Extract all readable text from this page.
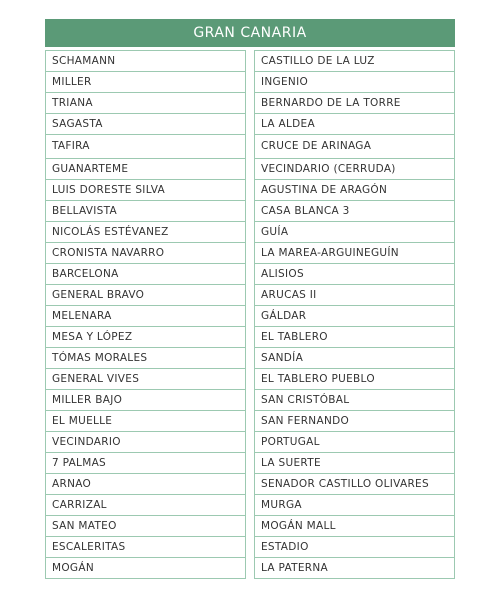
GRAN CANARIA
SCHAMANN
MILLER
TRIANA
SAGASTA
TAFIRA
GUANARTEME
LUIS DORESTE SILVA
BELLAVISTA
NICOLÁS ESTÉVANEZ
CRONISTA NAVARRO
BARCELONA
GENERAL BRAVO
MELENARA
MESA Y LÓPEZ
TÓMAS MORALES
GENERAL VIVES
MILLER BAJO
EL MUELLE
VECINDARIO
7 PALMAS
ARNAO
CARRIZAL
SAN MATEO
ESCALERITAS
MOGÁN
CASTILLO DE LA LUZ
INGENIO
BERNARDO DE LA TORRE
LA ALDEA
CRUCE DE ARINAGA
VECINDARIO (CERRUDA)
AGUSTINA DE ARAGÓN
CASA BLANCA 3
GUÍA
LA MAREA-ARGUINEGUÍN
ALISIOS
ARUCAS II
GÁLDAR
EL TABLERO
SANDÍA
EL TABLERO PUEBLO
SAN CRISTÓBAL
SAN FERNANDO
PORTUGAL
LA SUERTE
SENADOR CASTILLO OLIVARES
MURGA
MOGÁN MALL
ESTADIO
LA PATERNA
